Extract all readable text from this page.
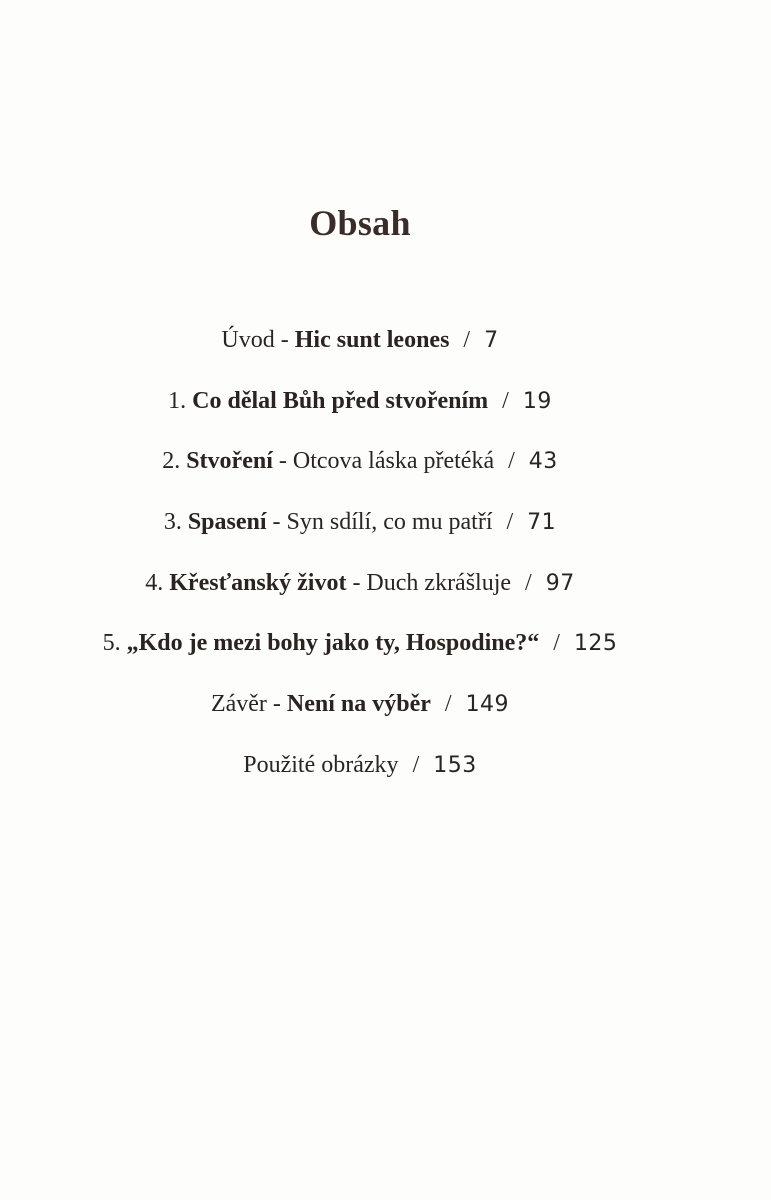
Obsah
Úvod - Hic sunt leones / 7
1. Co dělal Bůh před stvořením / 19
2. Stvoření - Otcova láska přetéká / 43
3. Spasení - Syn sdílí, co mu patří / 71
4. Křesťanský život - Duch zkrášluje / 97
5. „Kdo je mezi bohy jako ty, Hospodine?“ / 125
Závěr - Není na výběr / 149
Použité obrázky / 153
